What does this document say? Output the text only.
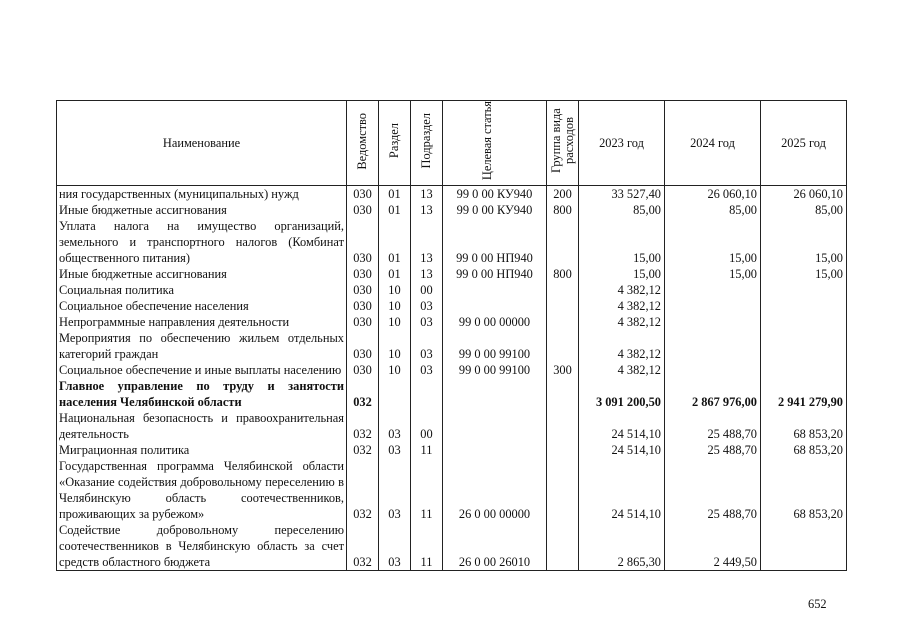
Наименование	Ведомство	Раздел	Подраздел	Целевая статья	Группа вида расходов	2023 год	2024 год	2025 год
ния государственных (муниципальных) нужд	030	01	13	99 0 00 КУ940	200	33 527,40	26 060,10	26 060,10
Иные бюджетные ассигнования	030	01	13	99 0 00 КУ940	800	85,00	85,00	85,00
Уплата налога на имущество организаций, земельного и транспортного налогов (Комбинат общественного питания)	030	01	13	99 0 00 НП940		15,00	15,00	15,00
Иные бюджетные ассигнования	030	01	13	99 0 00 НП940	800	15,00	15,00	15,00
Социальная политика	030	10	00			4 382,12		
Социальное обеспечение населения	030	10	03			4 382,12		
Непрограммные направления деятельности	030	10	03	99 0 00 00000		4 382,12		
Мероприятия по обеспечению жильем отдельных категорий граждан	030	10	03	99 0 00 99100		4 382,12		
Социальное обеспечение и иные выплаты населению	030	10	03	99 0 00 99100	300	4 382,12		
Главное управление по труду и занятости населения Челябинской области	032					3 091 200,50	2 867 976,00	2 941 279,90
Национальная безопасность и правоохранительная деятельность	032	03	00			24 514,10	25 488,70	68 853,20
Миграционная политика	032	03	11			24 514,10	25 488,70	68 853,20
Государственная программа Челябинской области «Оказание содействия добровольному переселению в Челябинскую область соотечественников, проживающих за рубежом»	032	03	11	26 0 00 00000		24 514,10	25 488,70	68 853,20
Содействие добровольному переселению соотечественников в Челябинскую область за счет средств областного бюджета	032	03	11	26 0 00 26010		2 865,30	2 449,50	
652
